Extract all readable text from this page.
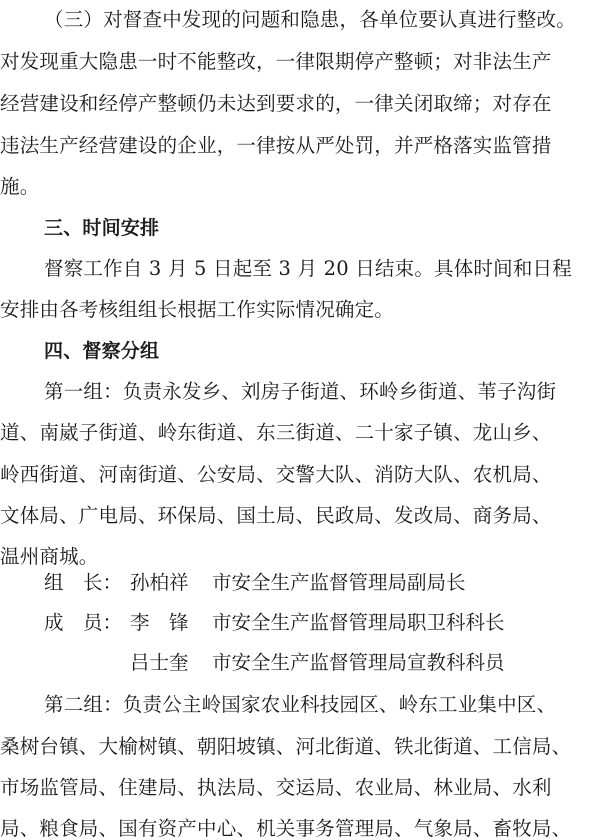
（三）对督查中发现的问题和隐患，各单位要认真进行整改。
对发现重大隐患一时不能整改，一律限期停产整顿；对非法生产
经营建设和经停产整顿仍未达到要求的，一律关闭取缔；对存在
违法生产经营建设的企业，一律按从严处罚，并严格落实监管措
施。
三、时间安排
督察工作自 3 月 5 日起至 3 月 20 日结束。具体时间和日程
安排由各考核组组长根据工作实际情况确定。
四、督察分组
第一组：负责永发乡、刘房子街道、环岭乡街道、苇子沟街
道、南崴子街道、岭东街道、东三街道、二十家子镇、龙山乡、
岭西街道、河南街道、公安局、交警大队、消防大队、农机局、
文体局、广电局、环保局、国土局、民政局、发改局、商务局、
温州商城。
组　长： 孙柏祥 市安全生产监督管理局副局长
成　员： 李　锋 市安全生产监督管理局职卫科科长
吕士奎 市安全生产监督管理局宣教科科员
第二组：负责公主岭国家农业科技园区、岭东工业集中区、
桑树台镇、大榆树镇、朝阳坡镇、河北街道、铁北街道、工信局、
市场监管局、住建局、执法局、交运局、农业局、林业局、水利
局、粮食局、国有资产中心、机关事务管理局、气象局、畜牧局、
